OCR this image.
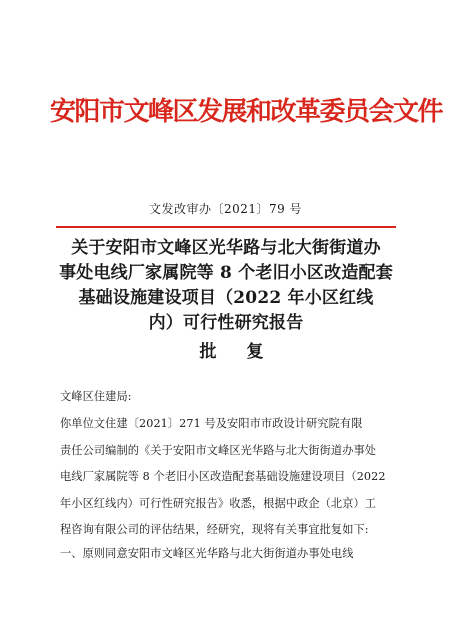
安阳市文峰区发展和改革委员会文件
文发改审办〔2021〕79 号
关于安阳市文峰区光华路与北大街街道办
事处电线厂家属院等 8 个老旧小区改造配套
基础设施建设项目（2022 年小区红线
内）可行性研究报告
批 复
文峰区住建局:
你单位文住建〔2021〕271 号及安阳市市政设计研究院有限
责任公司编制的《关于安阳市文峰区光华路与北大街街道办事处
电线厂家属院等 8 个老旧小区改造配套基础设施建设项目（2022
年小区红线内）可行性研究报告》收悉，根据中政企（北京）工
程咨询有限公司的评估结果，经研究，现将有关事宜批复如下:
一、原则同意安阳市文峰区光华路与北大街街道办事处电线
